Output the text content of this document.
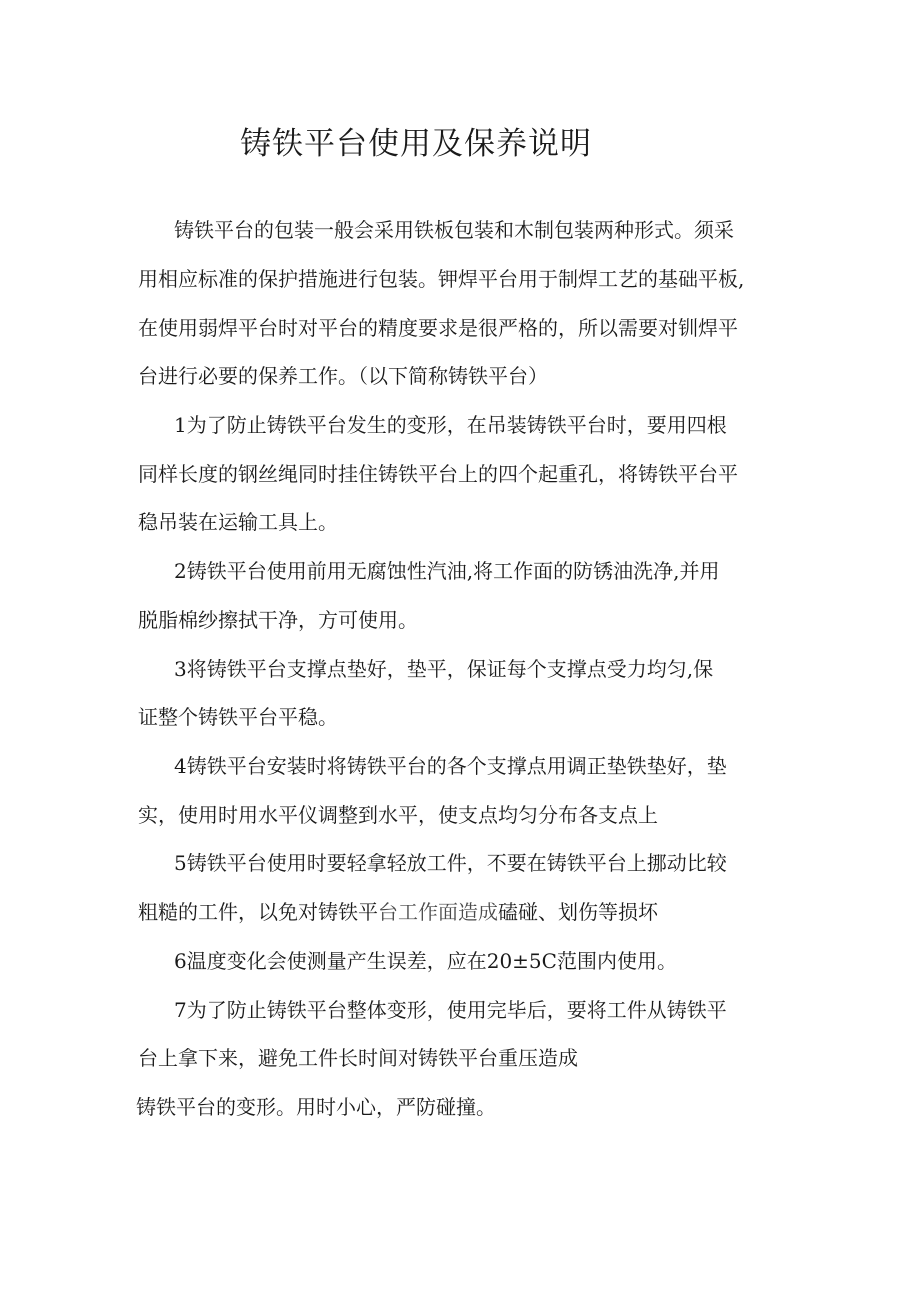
铸铁平台使用及保养说明

铸铁平台的包装一般会采用铁板包装和木制包装两种形式。须采

用相应标准的保护措施进行包装。钾焊平台用于制焊工艺的基础平板,

在使用弱焊平台时对平台的精度要求是很严格的，所以需要对钏焊平

台进行必要的保养工作。（以下简称铸铁平台）

1为了防止铸铁平台发生的变形，在吊装铸铁平台时，要用四根

同样长度的钢丝绳同时挂住铸铁平台上的四个起重孔，将铸铁平台平

稳吊装在运输工具上。

2铸铁平台使用前用无腐蚀性汽油,将工作面的防锈油洗净,并用

脱脂棉纱擦拭干净，方可使用。

3将铸铁平台支撑点垫好，垫平，保证每个支撑点受力均匀,保

证整个铸铁平台平稳。

4铸铁平台安装时将铸铁平台的各个支撑点用调正垫铁垫好，垫

实，使用时用水平仪调整到水平，使支点均匀分布各支点上

5铸铁平台使用时要轻拿轻放工件，不要在铸铁平台上挪动比较

粗糙的工件，以免对铸铁平台工作面造成磕碰、划伤等损坏

6温度变化会使测量产生误差，应在20±5C范围内使用。

7为了防止铸铁平台整体变形，使用完毕后，要将工件从铸铁平

台上拿下来，避免工件长时间对铸铁平台重压造成

铸铁平台的变形。用时小心，严防碰撞。
